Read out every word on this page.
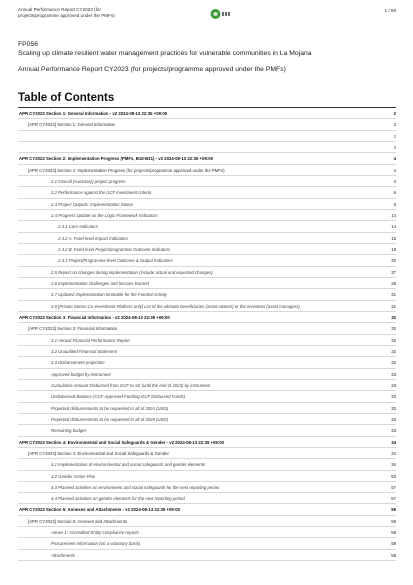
Annual Performance Report CY2023 (for
projects/programme approved under the PMFs)
1 / 59
FP056
Scaling up climate resilient water management practices for vulnerable communities in La Mojana
Annual Performance Report CY2023 (for projects/programme approved under the PMFs)
Table of Contents
APR CY2023 Section 1: General Information - v2 2024-08-13 22:35 +09:00	2
[APR CY2023] Section 1: General Information	3
3
3
APR CY2023 Section 2: Implementation Progress (PMFs, B15-B31) - v2 2024-08-13 22:35 +09:00	4
[APR CY2023] Section 2: Implementation Progress (for projects/programme approved under the PMFs)	4
2.1 Overall (summary) project progress	4
2.2 Performance against the GCF investment criteria	6
2.3 Project Outputs: Implementation Status	6
2.4 Progress Update on the Logic Framework Indicators	14
2.4.1 Core Indicators	14
2.4.2 A. Fund-level Impact Indicators	15
2.4.2 B. Fund-level Project/programme Outcome Indicators	18
2.4.3 Project/Programme-level Outcome & Output Indicators	20
2.5 Report on changes during implementation (include actual and expected changes)	27
2.6 Implementation challenges and lessons learned	28
2.7 Updated implementation timetable for the Funded Activity	31
2.8 [Private Sector Co-Investment Platform only] List of the ultimate beneficiaries (asset owners) or the investees (asset managers)	31
APR CY2023 Section 3: Financial Information - v2 2024-08-13 22:35 +09:00	32
[APR CY2023] Section 3: Financial Information	32
3.1 Annual Financial Performance Report	32
3.2 Unaudited Financial Statement	32
3.3 Disbursement projection	32
Approved budget by instrument	33
Cumulative Amount Disbursed from GCF to AE (until the end of 2023) by instrument	33
Undisbursed Balance (GCF Approved Funding-GCF Disbursed Funds)	33
Projected disbursements to be requested in all of 2024 (USD)	33
Projected disbursements to be requested in all of 2025 (USD)	33
Remaining budget	33
APR CY2023 Section 4: Environmental and Social Safeguards & Gender - v2 2024-08-13 22:35 +09:00	34
[APR CY2023] Section 4: Environmental and Social Safeguards & Gender	34
4.1 Implementation of environmental and social safeguards and gender elements	34
4.2 Gender Action Plan	53
4.3 Planned activities on environment and social safeguards for the next reporting period	57
4.4 Planned activities on gender elements for the next reporting period	57
APR CY2023 Section 5: Annexes and Attachments - v2 2024-08-13 22:35 +09:00	59
[APR CY2023] Section 5: Annexes and Attachments	59
Annex 1: Accredited Entity compliance reports	59
Procurement information (on a voluntary basis)	59
Attachments	59
